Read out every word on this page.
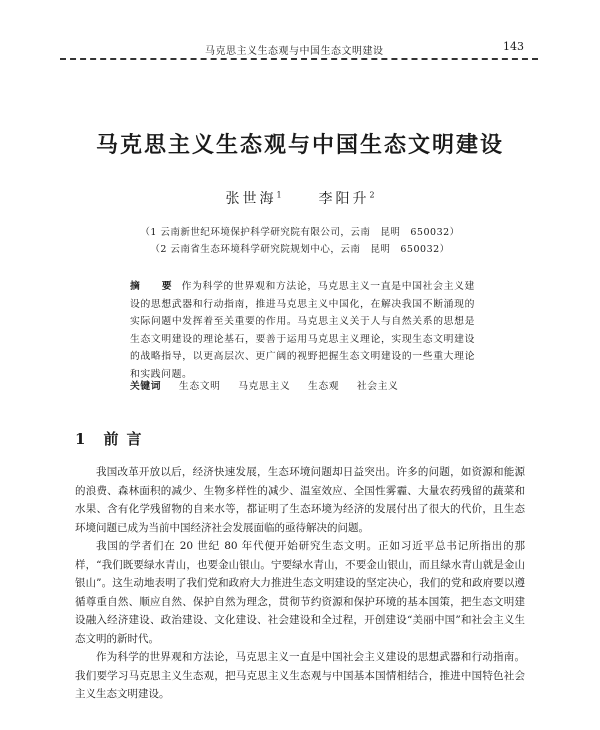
马克思主义生态观与中国生态文明建设	143
马克思主义生态观与中国生态文明建设
张世海$^1$	李阳升$^2$
（1 云南新世纪环境保护科学研究院有限公司，云南　昆明　650032）
（2 云南省生态环境科学研究院规划中心，云南　昆明　650032）
摘　要 作为科学的世界观和方法论，马克思主义一直是中国社会主义建设的思想武器和行动指南，推进马克思主义中国化，在解决我国不断涌现的实际问题中发挥着至关重要的作用。马克思主义关于人与自然关系的思想是生态文明建设的理论基石，要善于运用马克思主义理论，实现生态文明建设的战略指导，以更高层次、更广阔的视野把握生态文明建设的一些重大理论和实践问题。
关键词 生态文明 马克思主义 生态观 社会主义
1 前言

我国改革开放以后，经济快速发展，生态环境问题却日益突出。许多的问题，如资源和能源的浪费、森林面积的减少、生物多样性的减少、温室效应、全国性雾霾、大量农药残留的蔬菜和水果、含有化学残留物的自来水等，都证明了生态环境为经济的发展付出了很大的代价，且生态环境问题已成为当前中国经济社会发展面临的亟待解决的问题。

我国的学者们在 20 世纪 80 年代便开始研究生态文明。正如习近平总书记所指出的那样，“我们既要绿水青山，也要金山银山。宁要绿水青山，不要金山银山，而且绿水青山就是金山银山”。这生动地表明了我们党和政府大力推进生态文明建设的坚定决心，我们的党和政府要以遵循尊重自然、顺应自然、保护自然为理念，贯彻节约资源和保护环境的基本国策，把生态文明建设融入经济建设、政治建设、文化建设、社会建设和全过程，开创建设“美丽中国”和社会主义生态文明的新时代。

作为科学的世界观和方法论，马克思主义一直是中国社会主义建设的思想武器和行动指南。我们要学习马克思主义生态观，把马克思主义生态观与中国基本国情相结合，推进中国特色社会主义生态文明建设。
